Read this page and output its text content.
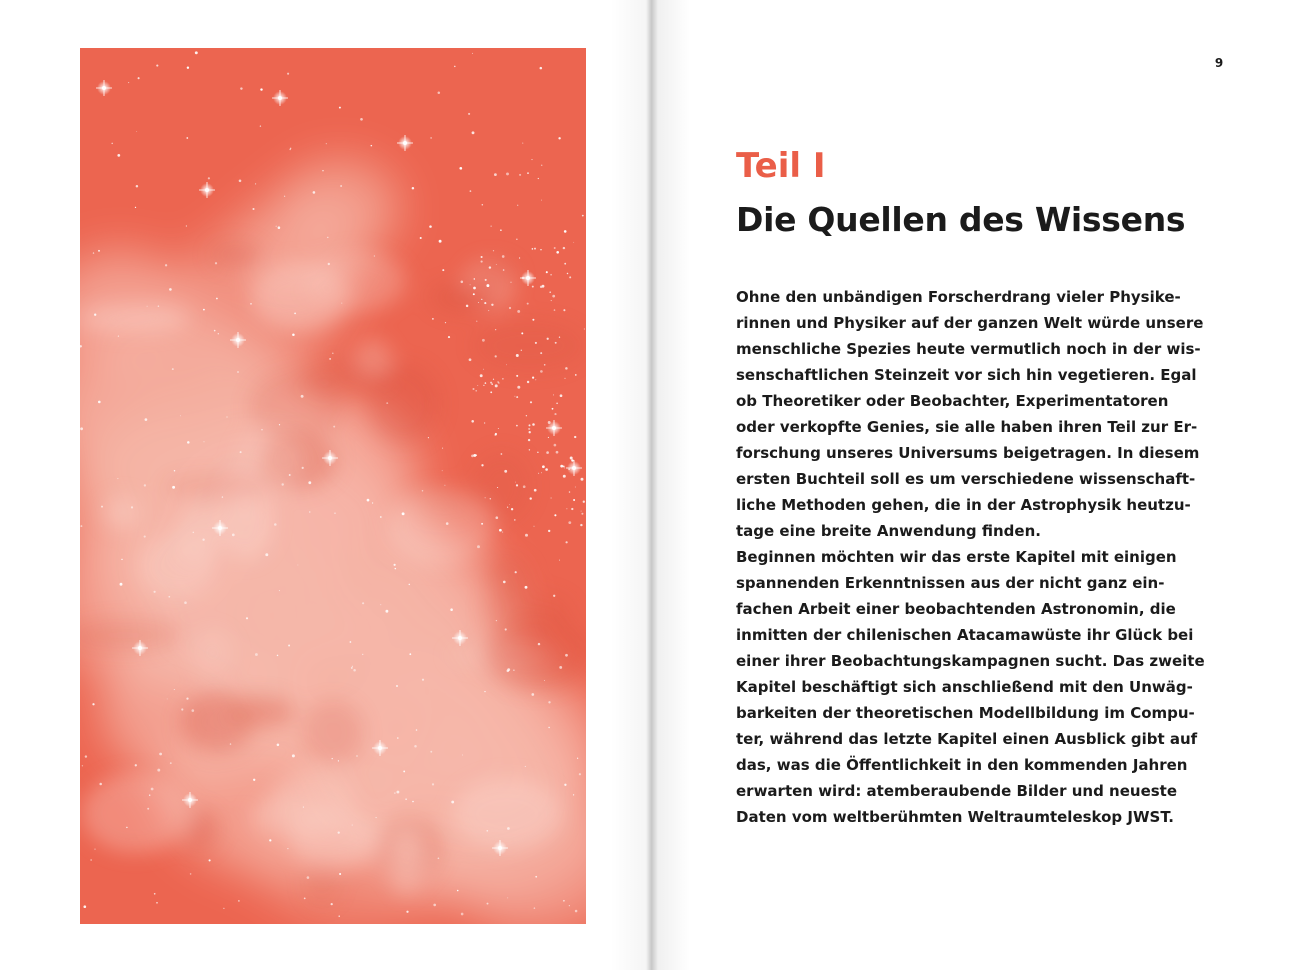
9
Teil I
Die Quellen des Wissens
Ohne den unbändigen Forscherdrang vieler Physike-
rinnen und Physiker auf der ganzen Welt würde unsere
menschliche Spezies heute vermutlich noch in der wis-
senschaftlichen Steinzeit vor sich hin vegetieren. Egal
ob Theoretiker oder Beobachter, Experimentatoren
oder verkopfte Genies, sie alle haben ihren Teil zur Er-
forschung unseres Universums beigetragen. In diesem
ersten Buchteil soll es um verschiedene wissenschaft-
liche Methoden gehen, die in der Astrophysik heutzu-
tage eine breite Anwendung finden.
Beginnen möchten wir das erste Kapitel mit einigen
spannenden Erkenntnissen aus der nicht ganz ein-
fachen Arbeit einer beobachtenden Astronomin, die
inmitten der chilenischen Atacamawüste ihr Glück bei
einer ihrer Beobachtungskampagnen sucht. Das zweite
Kapitel beschäftigt sich anschließend mit den Unwäg-
barkeiten der theoretischen Modellbildung im Compu-
ter, während das letzte Kapitel einen Ausblick gibt auf
das, was die Öffentlichkeit in den kommenden Jahren
erwarten wird: atemberaubende Bilder und neueste
Daten vom weltberühmten Weltraumteleskop JWST.
